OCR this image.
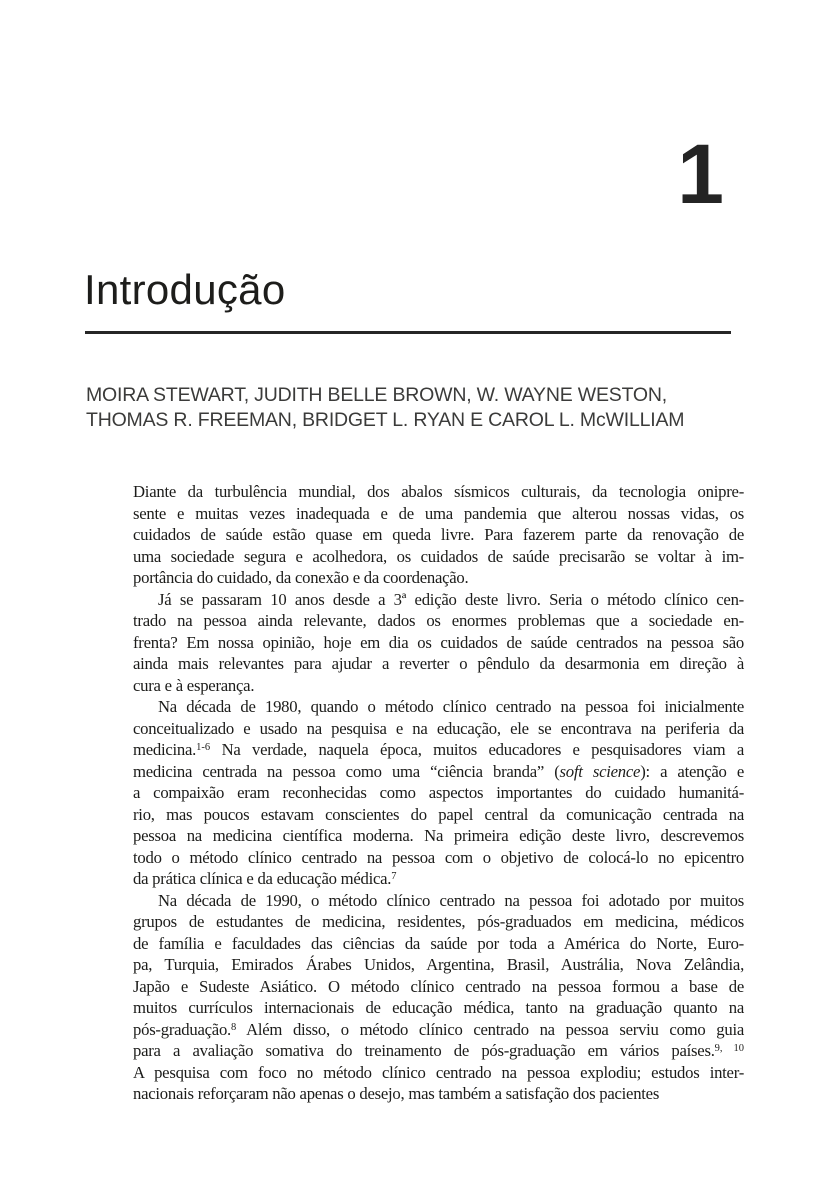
1
Introdução
MOIRA STEWART, JUDITH BELLE BROWN, W. WAYNE WESTON,
THOMAS R. FREEMAN, BRIDGET L. RYAN E CAROL L. McWILLIAM
Diante da turbulência mundial, dos abalos sísmicos culturais, da tecnologia onipre-
sente e muitas vezes inadequada e de uma pandemia que alterou nossas vidas, os
cuidados de saúde estão quase em queda livre. Para fazerem parte da renovação de
uma sociedade segura e acolhedora, os cuidados de saúde precisarão se voltar à im-
portância do cuidado, da conexão e da coordenação.
Já se passaram 10 anos desde a 3ª edição deste livro. Seria o método clínico cen-
trado na pessoa ainda relevante, dados os enormes problemas que a sociedade en-
frenta? Em nossa opinião, hoje em dia os cuidados de saúde centrados na pessoa são
ainda mais relevantes para ajudar a reverter o pêndulo da desarmonia em direção à
cura e à esperança.
Na década de 1980, quando o método clínico centrado na pessoa foi inicialmente
conceitualizado e usado na pesquisa e na educação, ele se encontrava na periferia da
medicina.$^{1-6}$ Na verdade, naquela época, muitos educadores e pesquisadores viam a
medicina centrada na pessoa como uma “ciência branda” (soft science): a atenção e
a compaixão eram reconhecidas como aspectos importantes do cuidado humanitá-
rio, mas poucos estavam conscientes do papel central da comunicação centrada na
pessoa na medicina científica moderna. Na primeira edição deste livro, descrevemos
todo o método clínico centrado na pessoa com o objetivo de colocá-lo no epicentro
da prática clínica e da educação médica.$^7$
Na década de 1990, o método clínico centrado na pessoa foi adotado por muitos
grupos de estudantes de medicina, residentes, pós-graduados em medicina, médicos
de família e faculdades das ciências da saúde por toda a América do Norte, Euro-
pa, Turquia, Emirados Árabes Unidos, Argentina, Brasil, Austrália, Nova Zelândia,
Japão e Sudeste Asiático. O método clínico centrado na pessoa formou a base de
muitos currículos internacionais de educação médica, tanto na graduação quanto na
pós-graduação.$^8$ Além disso, o método clínico centrado na pessoa serviu como guia
para a avaliação somativa do treinamento de pós-graduação em vários países.$^{9, 10}$
A pesquisa com foco no método clínico centrado na pessoa explodiu; estudos inter-
nacionais reforçaram não apenas o desejo, mas também a satisfação dos pacientes
